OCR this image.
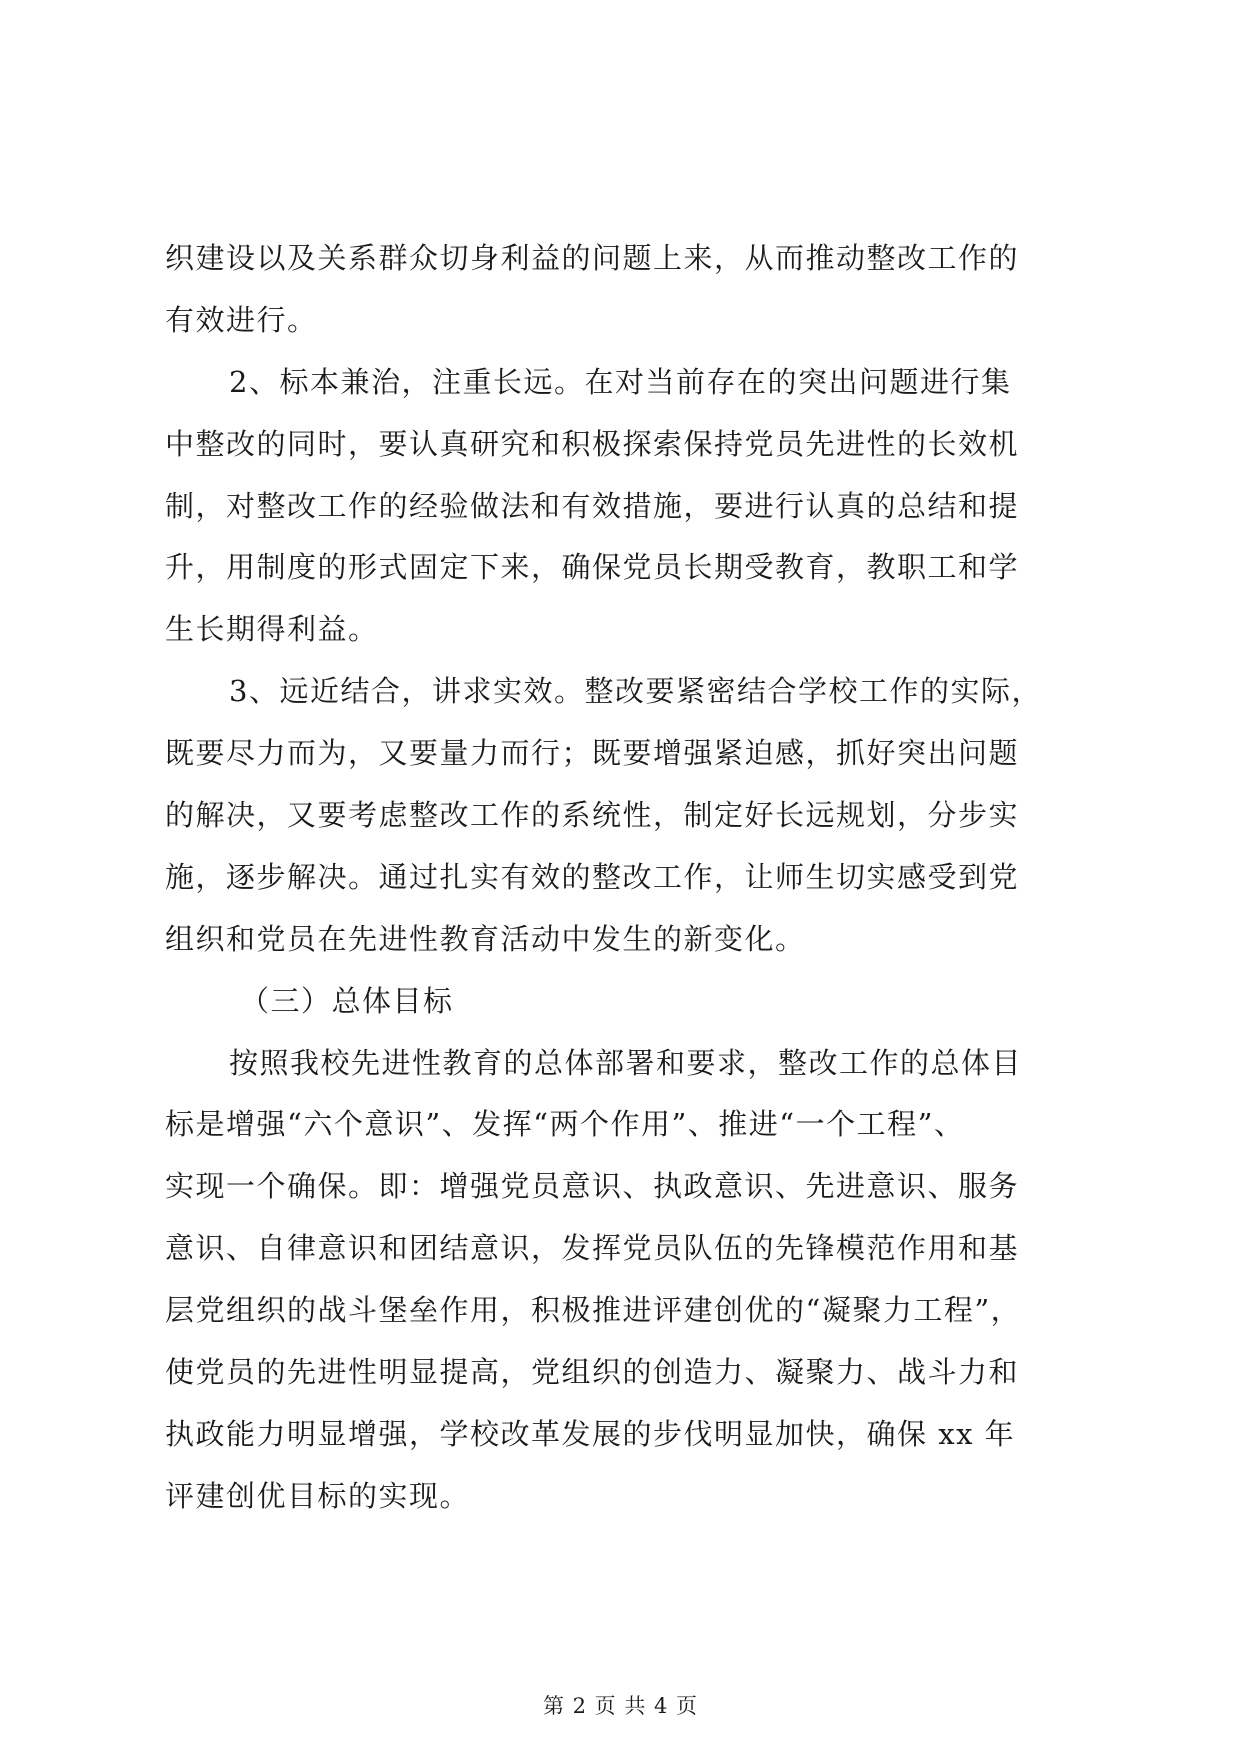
织建设以及关系群众切身利益的问题上来，从而推动整改工作的
有效进行。
2、标本兼治，注重长远。在对当前存在的突出问题进行集
中整改的同时，要认真研究和积极探索保持党员先进性的长效机
制，对整改工作的经验做法和有效措施，要进行认真的总结和提
升，用制度的形式固定下来，确保党员长期受教育，教职工和学
生长期得利益。
3、远近结合，讲求实效。整改要紧密结合学校工作的实际，
既要尽力而为，又要量力而行；既要增强紧迫感，抓好突出问题
的解决，又要考虑整改工作的系统性，制定好长远规划，分步实
施，逐步解决。通过扎实有效的整改工作，让师生切实感受到党
组织和党员在先进性教育活动中发生的新变化。
（三）总体目标
按照我校先进性教育的总体部署和要求，整改工作的总体目
标是增强“六个意识”、发挥“两个作用”、推进“一个工程”、
实现一个确保。即：增强党员意识、执政意识、先进意识、服务
意识、自律意识和团结意识，发挥党员队伍的先锋模范作用和基
层党组织的战斗堡垒作用，积极推进评建创优的“凝聚力工程”，
使党员的先进性明显提高，党组织的创造力、凝聚力、战斗力和
执政能力明显增强，学校改革发展的步伐明显加快，确保 xx 年
评建创优目标的实现。
第 2 页 共 4 页
